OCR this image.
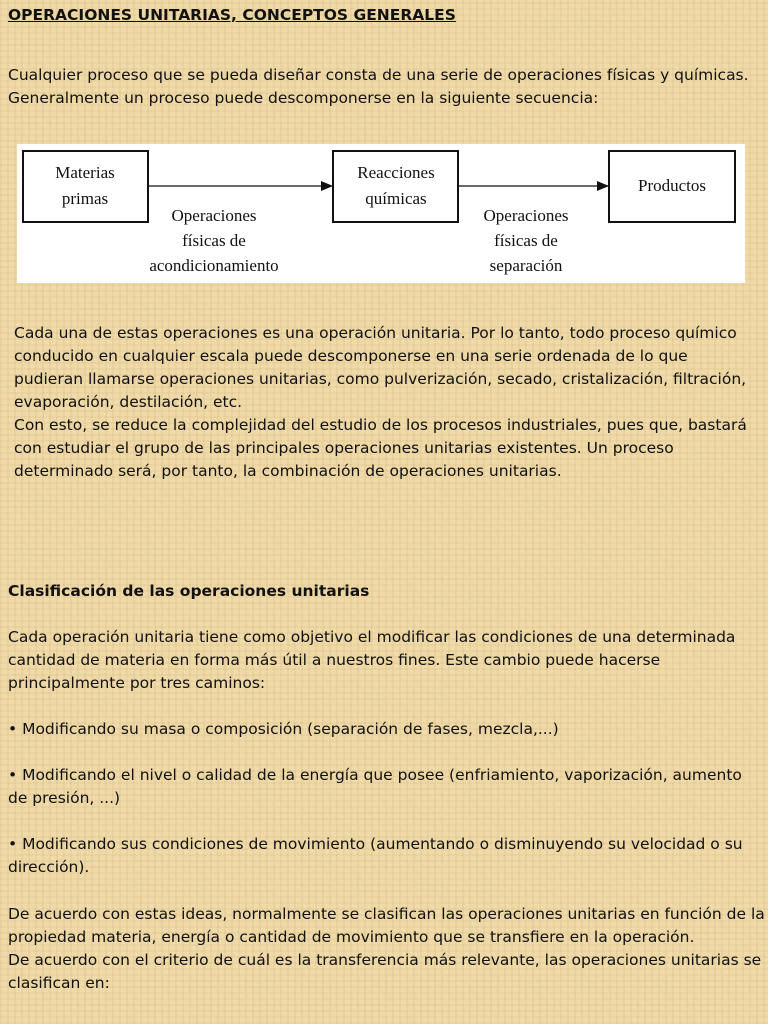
OPERACIONES UNITARIAS, CONCEPTOS GENERALES
Cualquier proceso que se pueda diseñar consta de una serie de operaciones físicas y químicas.
Generalmente un proceso puede descomponerse en la siguiente secuencia:
Materias
primas
Reacciones
químicas
Productos
Operaciones
físicas de
acondicionamiento
Operaciones
físicas de
separación
Cada una de estas operaciones es una operación unitaria. Por lo tanto, todo proceso químico
conducido en cualquier escala puede descomponerse en una serie ordenada de lo que
pudieran llamarse operaciones unitarias, como pulverización, secado, cristalización, filtración,
evaporación, destilación, etc.
Con esto, se reduce la complejidad del estudio de los procesos industriales, pues que, bastará
con estudiar el grupo de las principales operaciones unitarias existentes. Un proceso
determinado será, por tanto, la combinación de operaciones unitarias.
Clasificación de las operaciones unitarias
Cada operación unitaria tiene como objetivo el modificar las condiciones de una determinada
cantidad de materia en forma más útil a nuestros fines. Este cambio puede hacerse
principalmente por tres caminos:
• Modificando su masa o composición (separación de fases, mezcla,...)
• Modificando el nivel o calidad de la energía que posee (enfriamiento, vaporización, aumento
de presión, ...)
• Modificando sus condiciones de movimiento (aumentando o disminuyendo su velocidad o su
dirección).
De acuerdo con estas ideas, normalmente se clasifican las operaciones unitarias en función de la
propiedad materia, energía o cantidad de movimiento que se transfiere en la operación.
De acuerdo con el criterio de cuál es la transferencia más relevante, las operaciones unitarias se
clasifican en:
